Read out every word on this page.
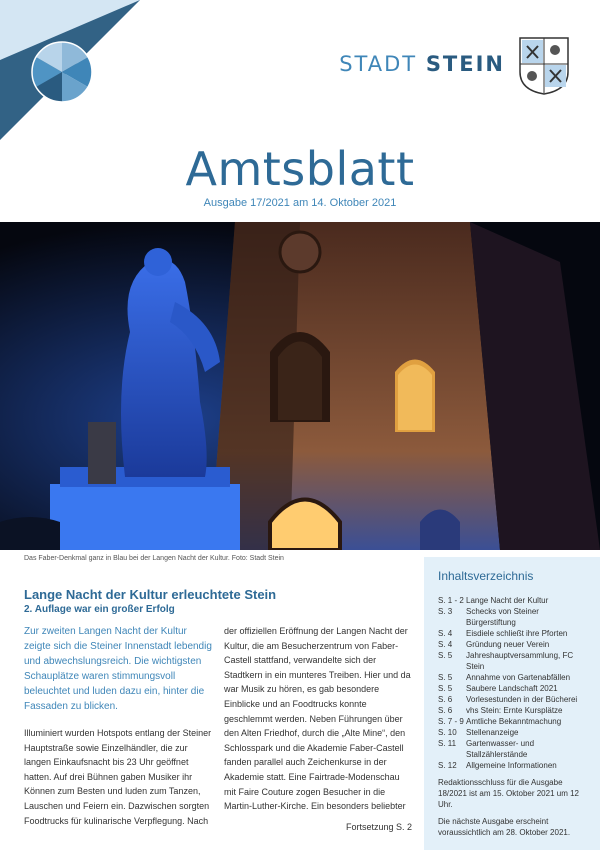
STADT STEIN
Amtsblatt
Ausgabe 17/2021 am 14. Oktober 2021
Das Faber-Denkmal ganz in Blau bei der Langen Nacht der Kultur. Foto: Stadt Stein
Lange Nacht der Kultur erleuchtete Stein
2. Auflage war ein großer Erfolg

Zur zweiten Langen Nacht der Kultur zeigte sich die Steiner Innenstadt lebendig und abwechslungsreich. Die wichtigsten Schauplätze waren stimmungsvoll beleuchtet und luden dazu ein, hinter die Fassaden zu blicken.

Illuminiert wurden Hotspots entlang der Steiner Hauptstraße sowie Einzelhändler, die zur langen Einkaufsnacht bis 23 Uhr geöffnet hatten. Auf drei Bühnen gaben Musiker ihr Können zum Besten und luden zum Tanzen, Lauschen und Feiern ein. Dazwischen sorgten Foodtrucks für kulinarische Verpflegung. Nach

der offiziellen Eröffnung der Langen Nacht der Kultur, die am Besucherzentrum von Faber-Castell stattfand, verwandelte sich der Stadtkern in ein munteres Treiben. Hier und da war Musik zu hören, es gab besondere Einblicke und an Foodtrucks konnte geschlemmt werden. Neben Führungen über den Alten Friedhof, durch die „Alte Mine“, den Schlosspark und die Akademie Faber-Castell fanden parallel auch Zeichenkurse in der Akademie statt. Eine Fairtrade-Modenschau mit Faire Couture zogen Besucher in die Martin-Luther-Kirche. Ein besonders beliebter

Fortsetzung S. 2
Inhaltsverzeichnis
S. 1 - 2 Lange Nacht der Kultur
S. 3	Schecks von Steiner Bürgerstiftung
S. 4	Eisdiele schließt ihre Pforten
S. 4	Gründung neuer Verein
S. 5	Jahreshauptversammlung, FC Stein
S. 5	Annahme von Gartenabfällen
S. 5	Saubere Landschaft 2021
S. 6	Vorlesestunden in der Bücherei
S. 6	vhs Stein: Ernte Kursplätze
S. 7 - 9 Amtliche Bekanntmachung
S. 10	Stellenanzeige
S. 11	Gartenwasser- und Stallzählerstände
S. 12	Allgemeine Informationen

Redaktionsschluss für die Ausgabe 18/2021 ist am 15. Oktober 2021 um 12 Uhr.

Die nächste Ausgabe erscheint voraussichtlich am 28. Oktober 2021.
